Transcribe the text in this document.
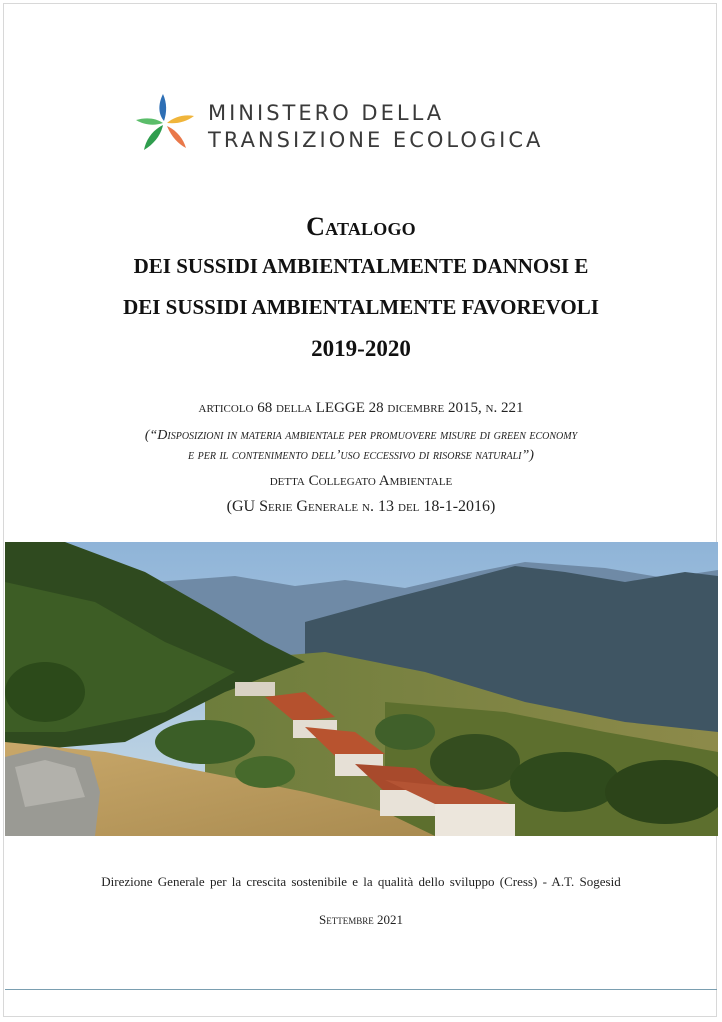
MINISTERO DELLA
TRANSIZIONE ECOLOGICA
Catalogo
DEI SUSSIDI AMBIENTALMENTE DANNOSI E
DEI SUSSIDI AMBIENTALMENTE FAVOREVOLI
2019-2020
articolo 68 della LEGGE 28 dicembre 2015, n. 221
(“Disposizioni in materia ambientale per promuovere misure di green economy
e per il contenimento dell’uso eccessivo di risorse naturali”)
detta Collegato Ambientale
(GU Serie Generale n. 13 del 18-1-2016)
Direzione Generale per la crescita sostenibile e la qualità dello sviluppo (Cress) - A.T. Sogesid
Settembre 2021
